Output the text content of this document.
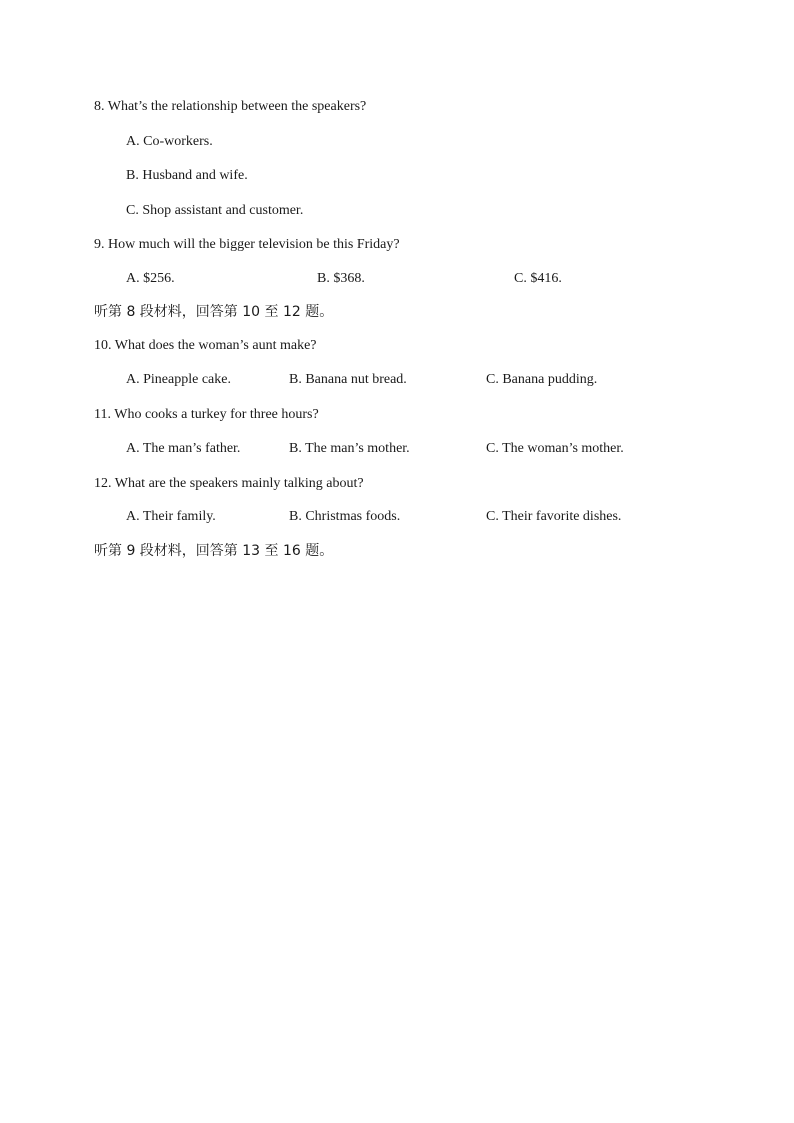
8. What’s the relationship between the speakers?
A. Co-workers.
B. Husband and wife.
C. Shop assistant and customer.
9. How much will the bigger television be this Friday?
A. $256.	B. $368.	C. $416.
听第 8 段材料，回答第 10 至 12 题。
10. What does the woman’s aunt make?
A. Pineapple cake.	B. Banana nut bread.	C. Banana pudding.
11. Who cooks a turkey for three hours?
A. The man’s father.	B. The man’s mother.	C. The woman’s mother.
12. What are the speakers mainly talking about?
A. Their family.	B. Christmas foods.	C. Their favorite dishes.
听第 9 段材料，回答第 13 至 16 题。
